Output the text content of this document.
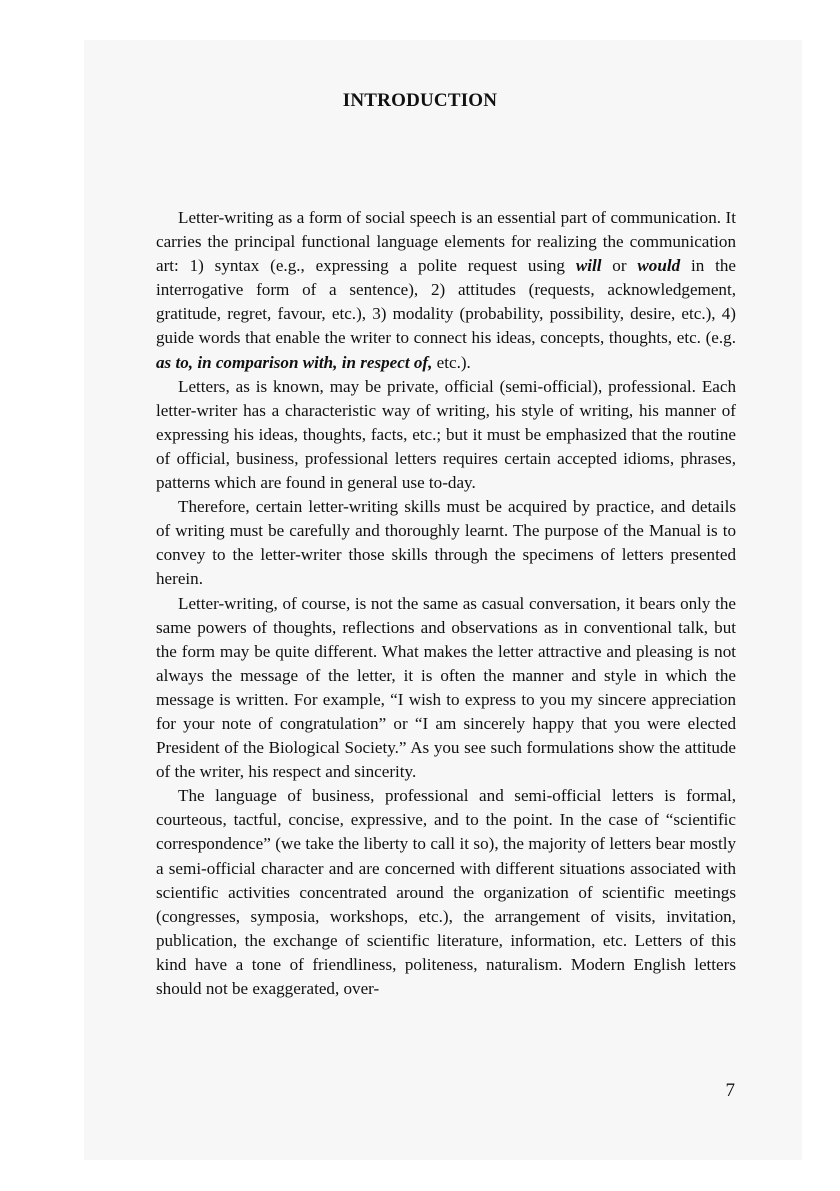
INTRODUCTION

Letter-writing as a form of social speech is an essential part of communication. It carries the principal functional language elements for realizing the communication art: 1) syntax (e.g., expressing a polite request using will or would in the interrogative form of a sentence), 2) attitudes (requests, acknowledgement, gratitude, regret, favour, etc.), 3) modality (probability, possibility, desire, etc.), 4) guide words that enable the writer to connect his ideas, concepts, thoughts, etc. (e.g. as to, in comparison with, in respect of, etc.).

Letters, as is known, may be private, official (semi-official), professional. Each letter-writer has a characteristic way of writing, his style of writing, his manner of expressing his ideas, thoughts, facts, etc.; but it must be emphasized that the routine of official, business, professional letters requires certain accepted idioms, phrases, patterns which are found in general use to-day.

Therefore, certain letter-writing skills must be acquired by practice, and details of writing must be carefully and thoroughly learnt. The purpose of the Manual is to convey to the letter-writer those skills through the specimens of letters presented herein.

Letter-writing, of course, is not the same as casual conversation, it bears only the same powers of thoughts, reflections and observations as in conventional talk, but the form may be quite different. What makes the letter attractive and pleasing is not always the message of the letter, it is often the manner and style in which the message is written. For example, “I wish to express to you my sincere appreciation for your note of congratulation” or “I am sincerely happy that you were elected President of the Biological Society.” As you see such formulations show the attitude of the writer, his respect and sincerity.

The language of business, professional and semi-official letters is formal, courteous, tactful, concise, expressive, and to the point. In the case of “scientific correspondence” (we take the liberty to call it so), the majority of letters bear mostly a semi-official character and are concerned with different situations associated with scientific activities concentrated around the organization of scientific meetings (congresses, symposia, workshops, etc.), the arrangement of visits, invitation, publication, the exchange of scientific literature, information, etc. Letters of this kind have a tone of friendliness, politeness, naturalism. Modern English letters should not be exaggerated, over-

7
